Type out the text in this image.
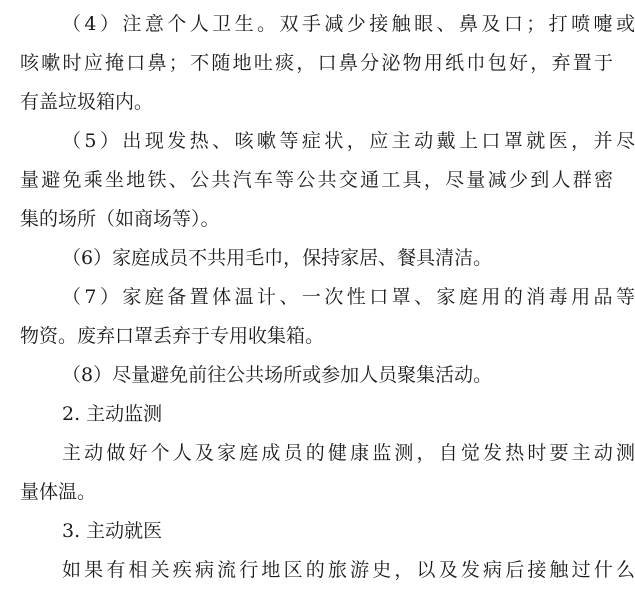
（4）注意个人卫生。双手减少接触眼、鼻及口；打喷嚏或
咳嗽时应掩口鼻；不随地吐痰，口鼻分泌物用纸巾包好，弃置于
有盖垃圾箱内。
（5）出现发热、咳嗽等症状，应主动戴上口罩就医，并尽
量避免乘坐地铁、公共汽车等公共交通工具，尽量减少到人群密
集的场所（如商场等）。
（6）家庭成员不共用毛巾，保持家居、餐具清洁。
（7）家庭备置体温计、一次性口罩、家庭用的消毒用品等
物资。废弃口罩丢弃于专用收集箱。
（8）尽量避免前往公共场所或参加人员聚集活动。
2. 主动监测
主动做好个人及家庭成员的健康监测，自觉发热时要主动测
量体温。
3. 主动就医
如果有相关疾病流行地区的旅游史，以及发病后接触过什么
